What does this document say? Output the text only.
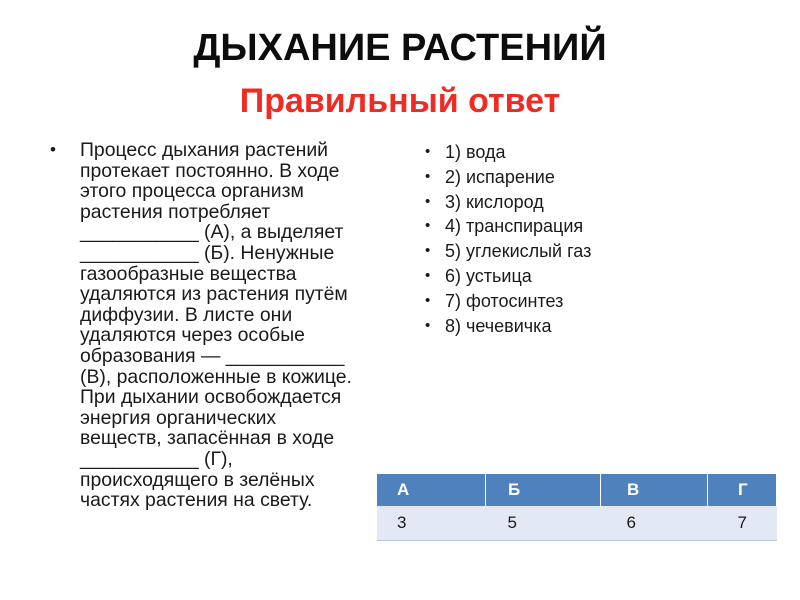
ДЫХАНИЕ РАСТЕНИЙ
Правильный ответ
• Процесс дыхания растений
протекает постоянно. В ходе
этого процесса организм
растения потребляет
___________ (А), а выделяет
___________ (Б). Ненужные
газообразные вещества
удаляются из растения путём
диффузии. В листе они
удаляются через особые
образования — ___________
(В), расположенные в кожице.
При дыхании освобождается
энергия органических
веществ, запасённая в ходе
___________ (Г),
происходящего в зелёных
частях растения на свету.
• 1) вода
• 2) испарение
• 3) кислород
• 4) транспирация
• 5) углекислый газ
• 6) устьица
• 7) фотосинтез
• 8) чечевичка
А	Б	В	Г
3	5	6	7
